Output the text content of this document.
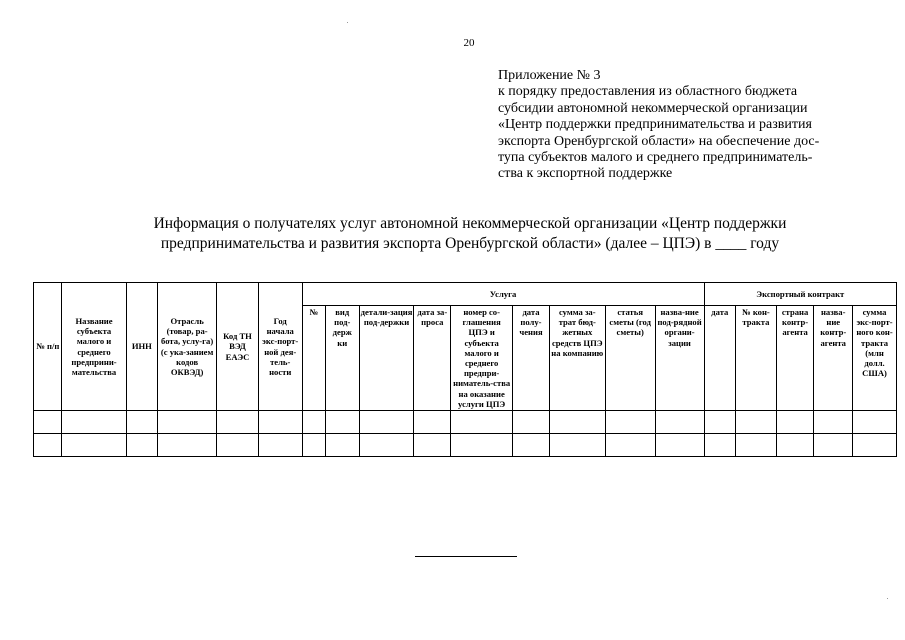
20
Приложение № 3
к порядку предоставления из областного бюджета
субсидии автономной некоммерческой организации
«Центр поддержки предпринимательства и развития
экспорта Оренбургской области» на обеспечение дос-
тупа субъектов малого и среднего предприниматель-
ства к экспортной поддержке
Информация о получателях услуг автономной некоммерческой организации «Центр поддержки
предпринимательства и развития экспорта Оренбургской области» (далее – ЦПЭ) в ____ году
№ п/п	Название субъекта малого и среднего предприни-мательства	ИНН	Отрасль (товар, ра-бота, услу-га) (с ука-занием кодов ОКВЭД)	Код ТН ВЭД ЕАЭС	Год начала экс-порт-ной дея-тель-ности	Услуга									Экспортный контракт				
						№	вид под-держ ки	детали-зация под-держки	дата за-проса	номер со-глашения ЦПЭ и субъекта малого и среднего предпри-ниматель-ства на оказание услуги ЦПЭ	дата полу-чения	сумма за-трат бюд-жетных средств ЦПЭ на компанию	статья сметы (год сметы)	назва-ние под-рядной органи-зации	дата	№ кон-тракта	страна контр-агента	назва-ние контр-агента	сумма экс-порт-ного кон-тракта (млн долл. США)
